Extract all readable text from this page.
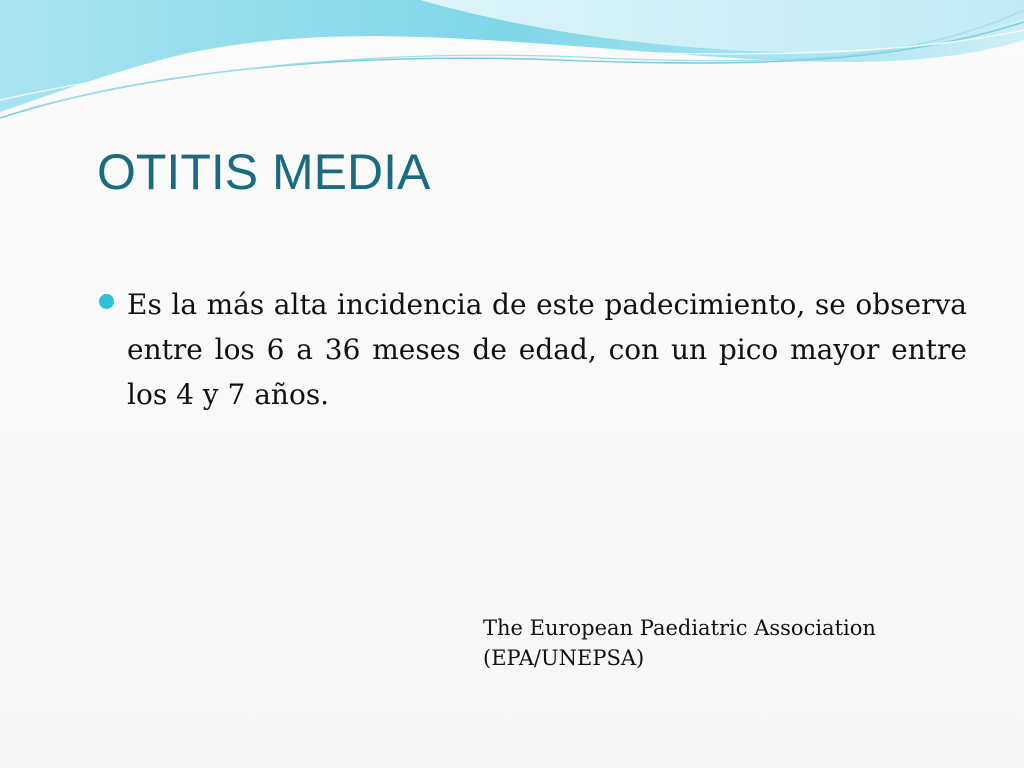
OTITIS MEDIA
Es la más alta incidencia de este padecimiento, se observa entre los 6 a 36 meses de edad, con un pico mayor entre los 4 y 7 años.
The European Paediatric Association
(EPA/UNEPSA)
